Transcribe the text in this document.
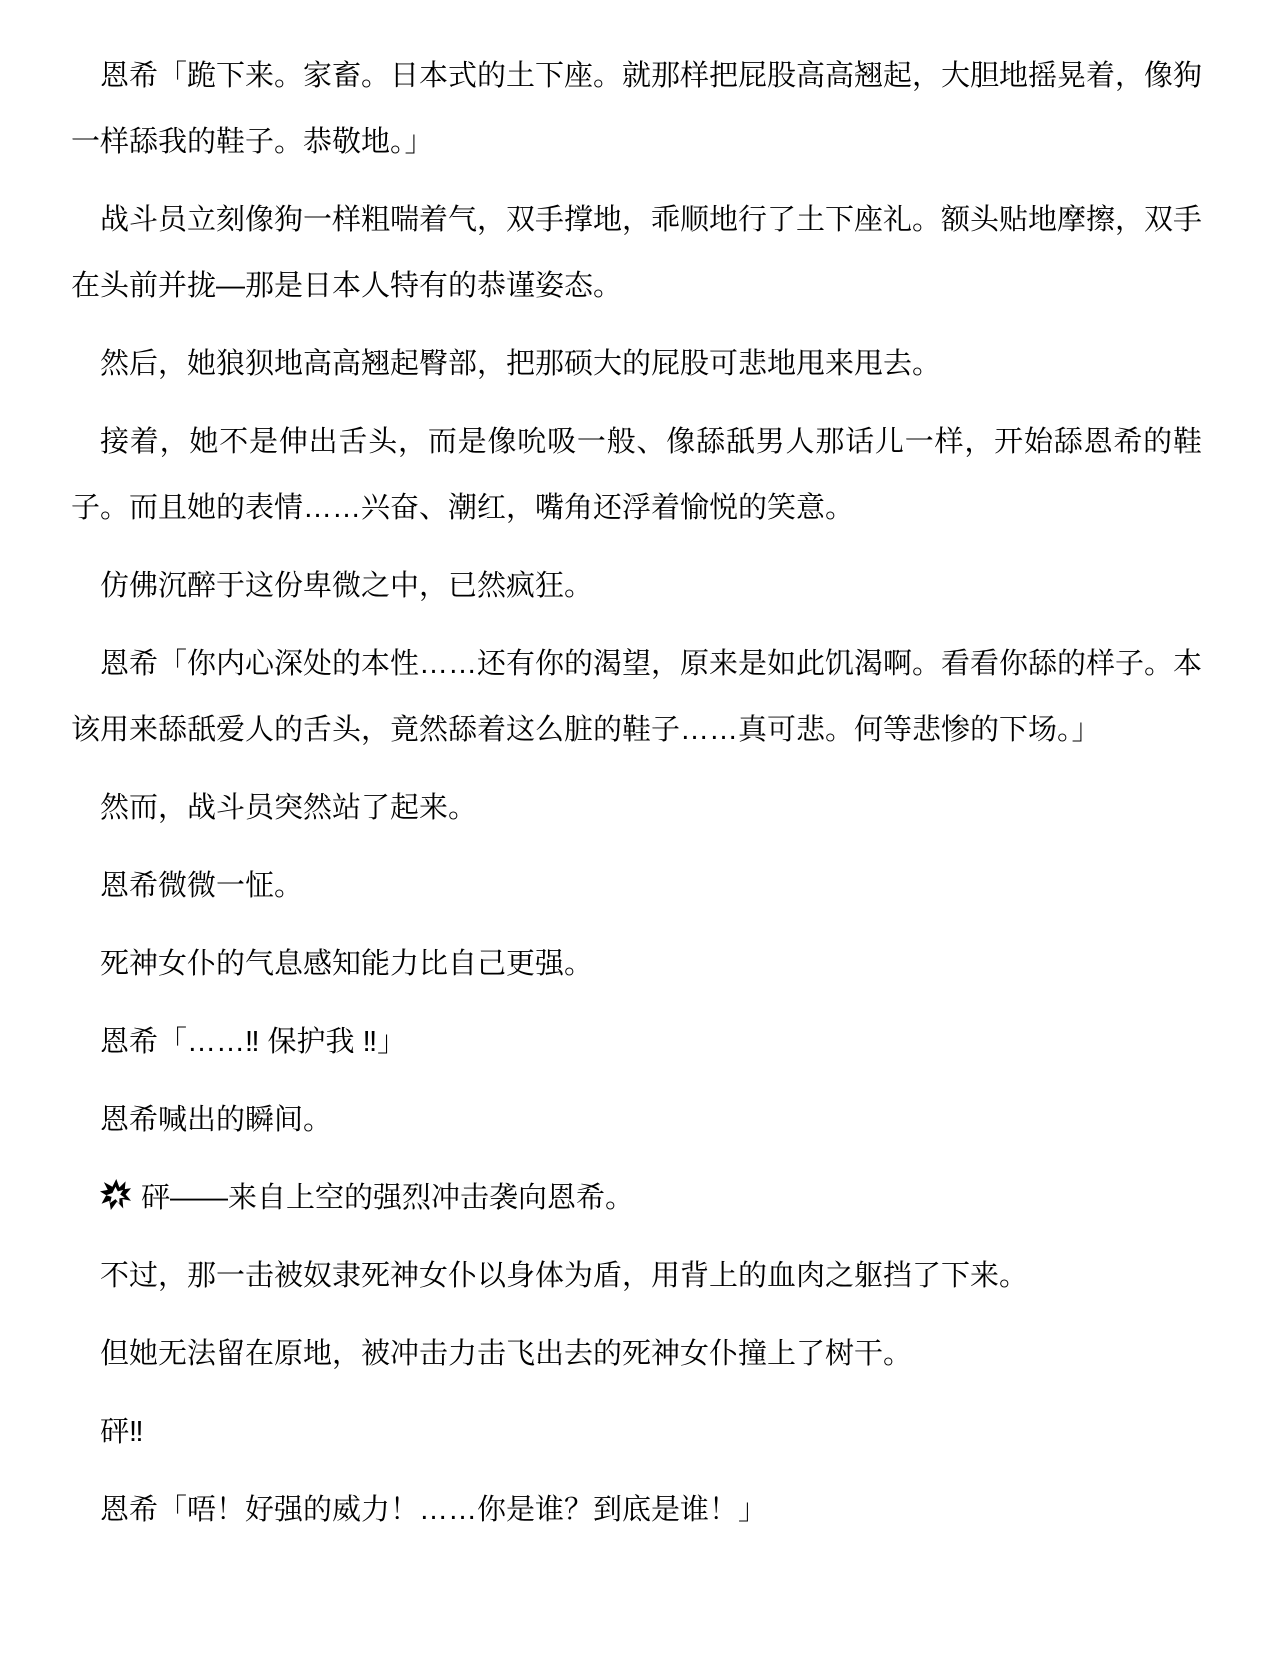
恩希「跪下来。家畜。日本式的土下座。就那样把屁股高高翘起，大胆地摇晃着，像狗一样舔我的鞋子。恭敬地。」

战斗员立刻像狗一样粗喘着气，双手撑地，乖顺地行了土下座礼。额头贴地摩擦，双手在头前并拢—那是日本人特有的恭谨姿态。

然后，她狼狈地高高翘起臀部，把那硕大的屁股可悲地甩来甩去。

接着，她不是伸出舌头，而是像吮吸一般、像舔舐男人那话儿一样，开始舔恩希的鞋子。而且她的表情……兴奋、潮红，嘴角还浮着愉悦的笑意。

仿佛沉醉于这份卑微之中，已然疯狂。

恩希「你内心深处的本性……还有你的渴望，原来是如此饥渴啊。看看你舔的样子。本该用来舔舐爱人的舌头，竟然舔着这么脏的鞋子……真可悲。何等悲惨的下场。」

然而，战斗员突然站了起来。

恩希微微一怔。

死神女仆的气息感知能力比自己更强。

恩希「……‼ 保护我 ‼」

恩希喊出的瞬间。

砰——来自上空的强烈冲击袭向恩希。

不过，那一击被奴隶死神女仆以身体为盾，用背上的血肉之躯挡了下来。

但她无法留在原地，被冲击力击飞出去的死神女仆撞上了树干。

砰‼

恩希「唔！好强的威力！……你是谁？到底是谁！」
